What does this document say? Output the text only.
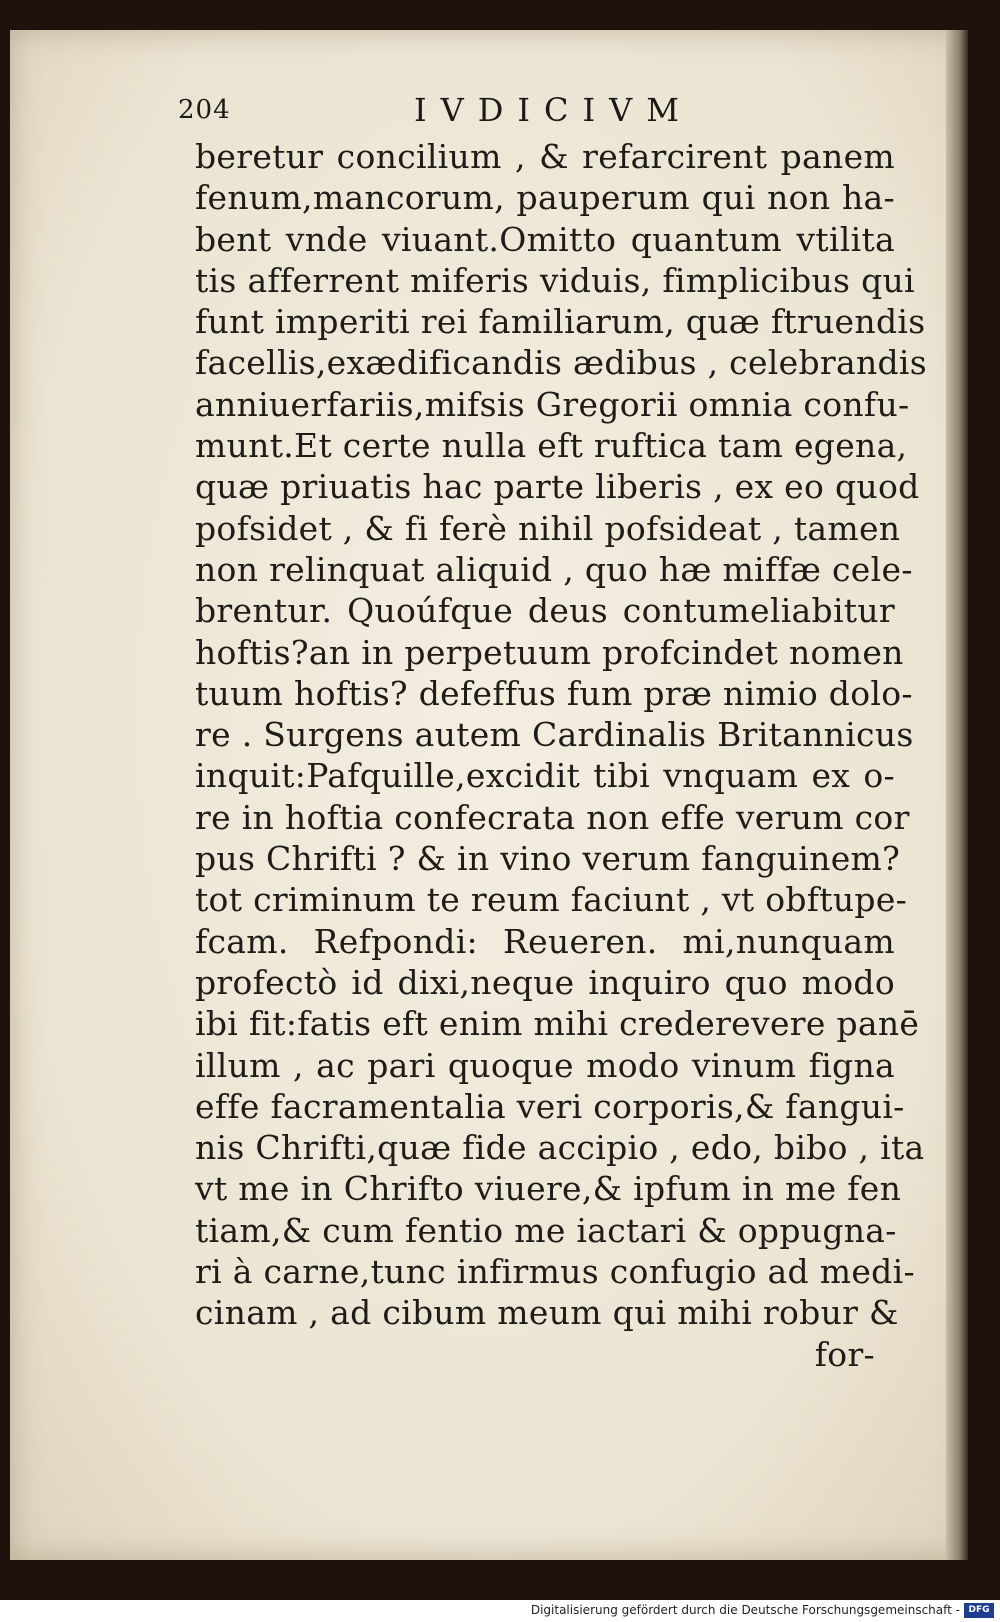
204	IVDICIVM
beretur concilium , & refarcirent panem
fenum,mancorum, pauperum qui non ha-
bent vnde viuant.Omitto quantum vtilita
tis afferrent miferis viduis, fimplicibus qui
funt imperiti rei familiarum, quæ ftruendis
facellis,exædificandis ædibus , celebrandis
anniuerfariis,mifsis Gregorii omnia confu-
munt.Et certe nulla eft ruftica tam egena,
quæ priuatis hac parte liberis , ex eo quod
pofsidet , & fi ferè nihil pofsideat , tamen
non relinquat aliquid , quo hæ miffæ cele-
brentur. Quoúfque deus contumeliabitur
hoftis?an in perpetuum profcindet nomen
tuum hoftis? defeffus fum præ nimio dolo-
re . Surgens autem Cardinalis Britannicus
inquit:Pafquille,excidit tibi vnquam ex o-
re in hoftia confecrata non effe verum cor
pus Chrifti ? & in vino verum fanguinem?
tot criminum te reum faciunt , vt obftupe-
fcam. Refpondi: Reueren. mi,nunquam
profectò id dixi,neque inquiro quo modo
ibi fit:fatis eft enim mihi crederevere panē
illum , ac pari quoque modo vinum figna
effe facramentalia veri corporis,& fangui-
nis Chrifti,quæ fide accipio , edo, bibo , ita
vt me in Chrifto viuere,& ipfum in me fen
tiam,& cum fentio me iactari & oppugna-
ri à carne,tunc infirmus confugio ad medi-
cinam , ad cibum meum qui mihi robur &
for-
Digitalisierung gefördert durch die Deutsche Forschungsgemeinschaft - DFG
